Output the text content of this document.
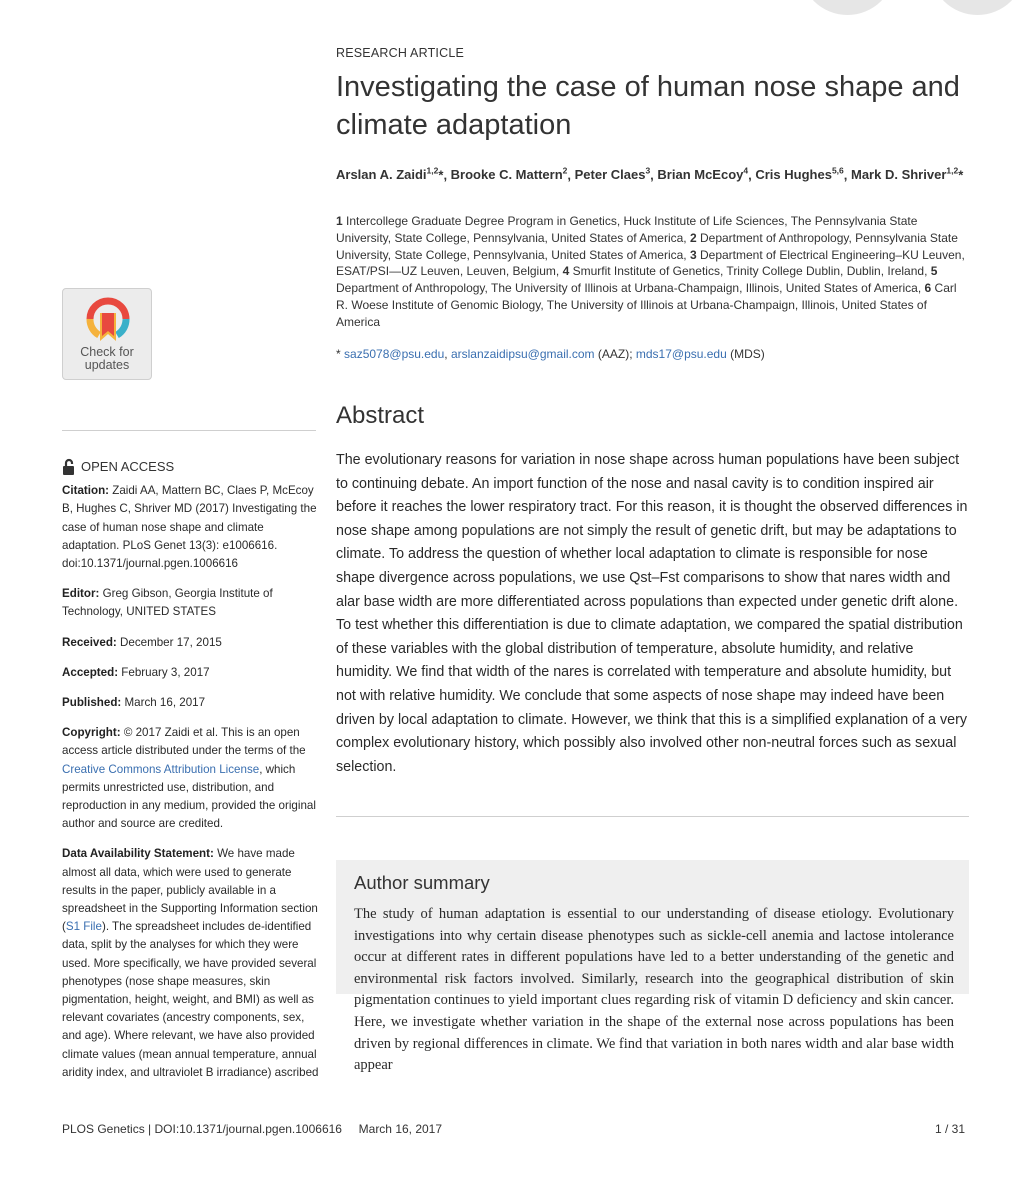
Check for
updates
OPEN ACCESS

Citation: Zaidi AA, Mattern BC, Claes P, McEcoy B, Hughes C, Shriver MD (2017) Investigating the case of human nose shape and climate adaptation. PLoS Genet 13(3): e1006616. doi:10.1371/journal.pgen.1006616

Editor: Greg Gibson, Georgia Institute of Technology, UNITED STATES

Received: December 17, 2015

Accepted: February 3, 2017

Published: March 16, 2017

Copyright: © 2017 Zaidi et al. This is an open access article distributed under the terms of the Creative Commons Attribution License, which permits unrestricted use, distribution, and reproduction in any medium, provided the original author and source are credited.

Data Availability Statement: We have made almost all data, which were used to generate results in the paper, publicly available in a spreadsheet in the Supporting Information section (S1 File). The spreadsheet includes de-identified data, split by the analyses for which they were used. More specifically, we have provided several phenotypes (nose shape measures, skin pigmentation, height, weight, and BMI) as well as relevant covariates (ancestry components, sex, and age). Where relevant, we have also provided climate values (mean annual temperature, annual aridity index, and ultraviolet B irradiance) ascribed

RESEARCH ARTICLE
Investigating the case of human nose shape and climate adaptation
Arslan A. Zaidi$^{1,2}$*, Brooke C. Mattern$^2$, Peter Claes$^3$, Brian McEcoy$^4$, Cris Hughes$^{5,6}$, Mark D. Shriver$^{1,2}$*
1 Intercollege Graduate Degree Program in Genetics, Huck Institute of Life Sciences, The Pennsylvania State University, State College, Pennsylvania, United States of America, 2 Department of Anthropology, Pennsylvania State University, State College, Pennsylvania, United States of America, 3 Department of Electrical Engineering–KU Leuven, ESAT/PSI—UZ Leuven, Leuven, Belgium, 4 Smurfit Institute of Genetics, Trinity College Dublin, Dublin, Ireland, 5 Department of Anthropology, The University of Illinois at Urbana-Champaign, Illinois, United States of America, 6 Carl R. Woese Institute of Genomic Biology, The University of Illinois at Urbana-Champaign, Illinois, United States of America
* saz5078@psu.edu, arslanzaidipsu@gmail.com (AAZ); mds17@psu.edu (MDS)
Abstract
The evolutionary reasons for variation in nose shape across human populations have been subject to continuing debate. An import function of the nose and nasal cavity is to condition inspired air before it reaches the lower respiratory tract. For this reason, it is thought the observed differences in nose shape among populations are not simply the result of genetic drift, but may be adaptations to climate. To address the question of whether local adaptation to climate is responsible for nose shape divergence across populations, we use Qst–Fst comparisons to show that nares width and alar base width are more differentiated across populations than expected under genetic drift alone. To test whether this differentiation is due to climate adaptation, we compared the spatial distribution of these variables with the global distribution of temperature, absolute humidity, and relative humidity. We find that width of the nares is correlated with temperature and absolute humidity, but not with relative humidity. We conclude that some aspects of nose shape may indeed have been driven by local adaptation to climate. However, we think that this is a simplified explanation of a very complex evolutionary history, which possibly also involved other non-neutral forces such as sexual selection.
Author summary
The study of human adaptation is essential to our understanding of disease etiology. Evolutionary investigations into why certain disease phenotypes such as sickle-cell anemia and lactose intolerance occur at different rates in different populations have led to a better understanding of the genetic and environmental risk factors involved. Similarly, research into the geographical distribution of skin pigmentation continues to yield important clues regarding risk of vitamin D deficiency and skin cancer. Here, we investigate whether variation in the shape of the external nose across populations has been driven by regional differences in climate. We find that variation in both nares width and alar base width appear
PLOS Genetics | DOI:10.1371/journal.pgen.1006616     March 16, 2017	1 / 31
